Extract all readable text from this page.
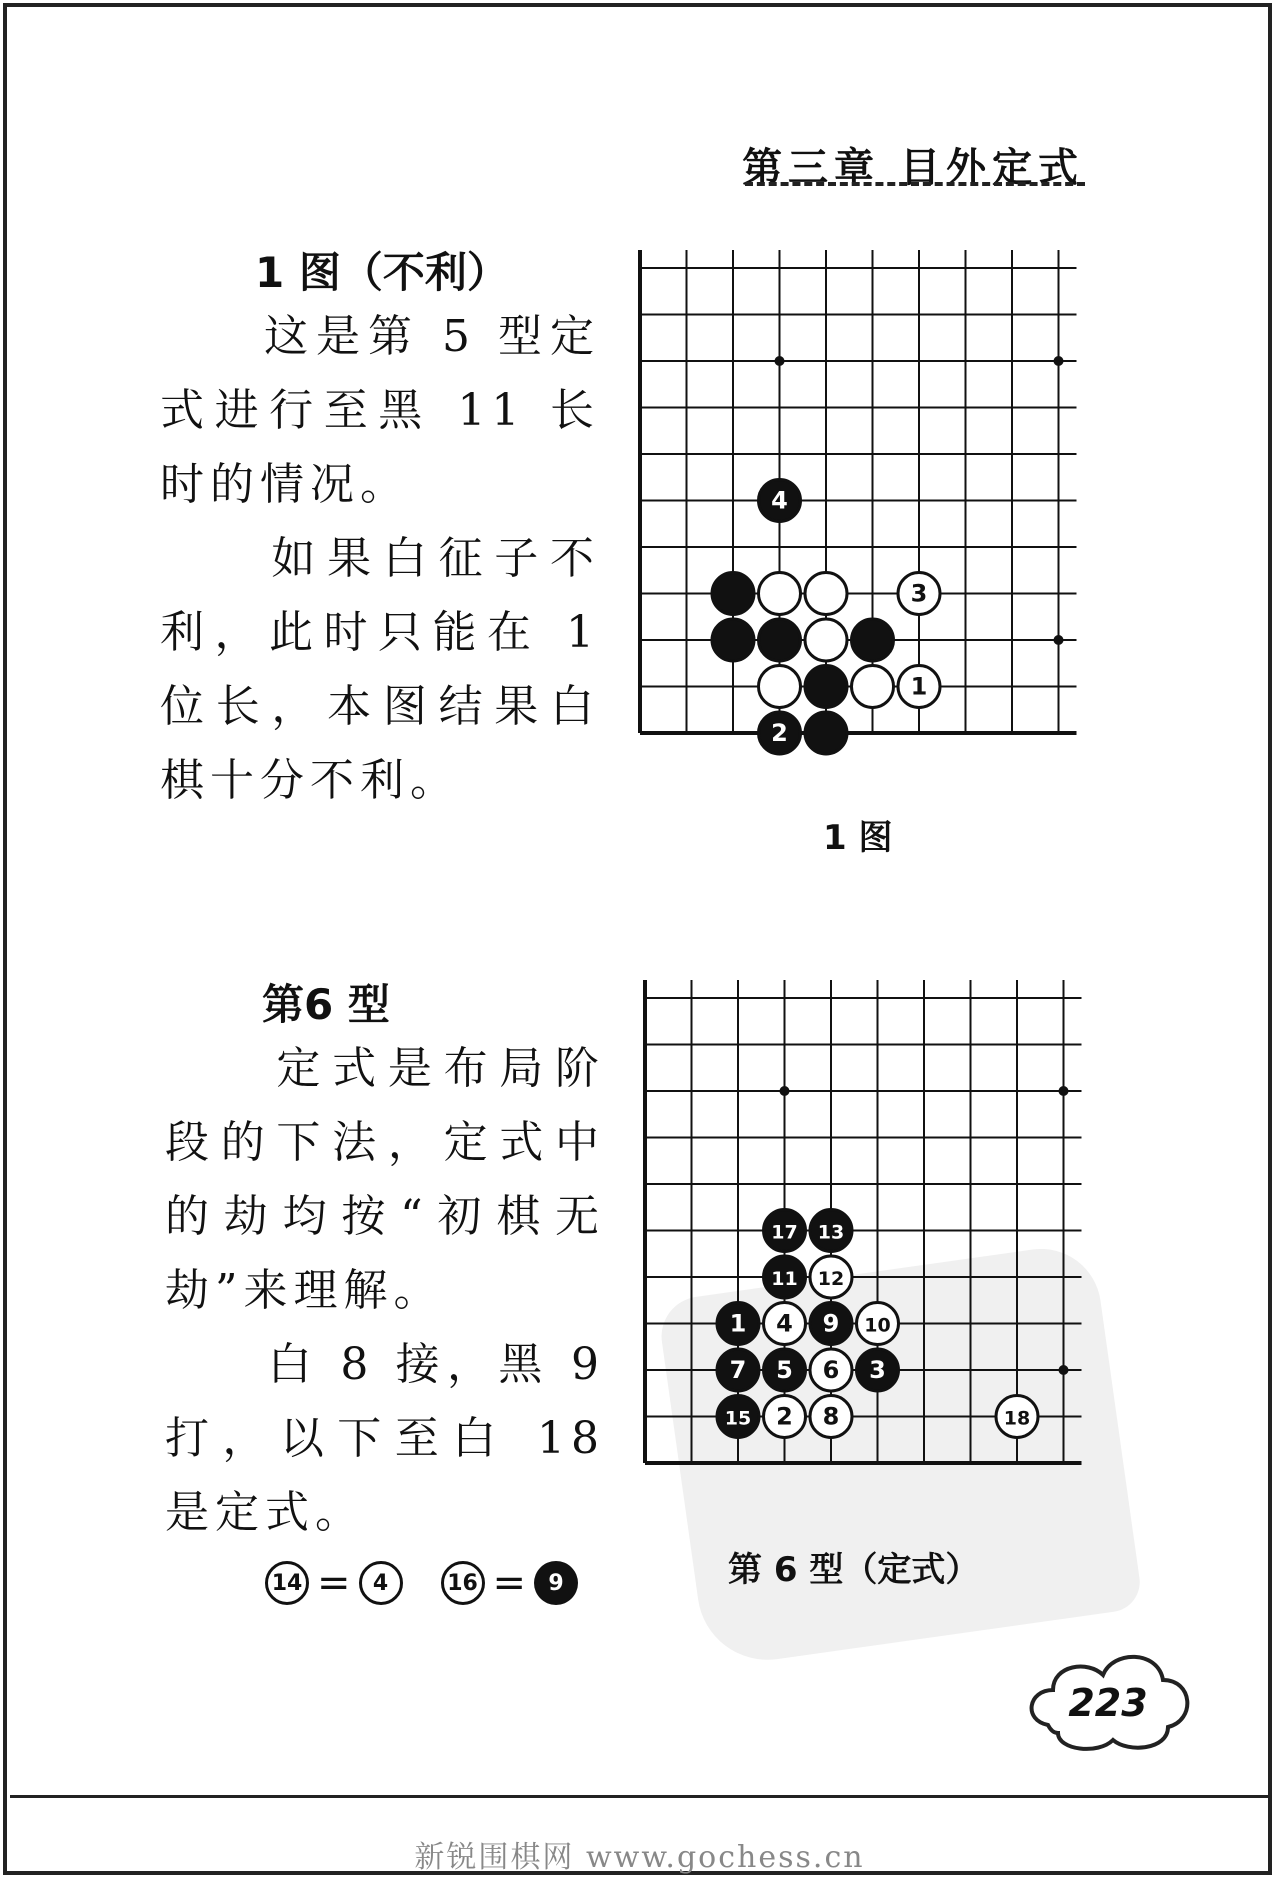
第三章 目外定式
1 图（不利）
　　这是第 5 型定式进行至黑 11 长时的情况。
　　如果白征子不利，此时只能在 1 位长，本图结果白棋十分不利。
4
3
1
2
1 图
第6 型
　　定式是布局阶段的下法，定式中的劫均按“初棋无劫”来理解。
　　白 8 接，黑 9 打，以下至白 18 是定式。
14 =	4	16 =	9
17 13
11 12
1 4 9 10
7 5 6 3
15 2 8	18
第 6 型（定式）
223
新锐围棋网 www.gochess.cn
